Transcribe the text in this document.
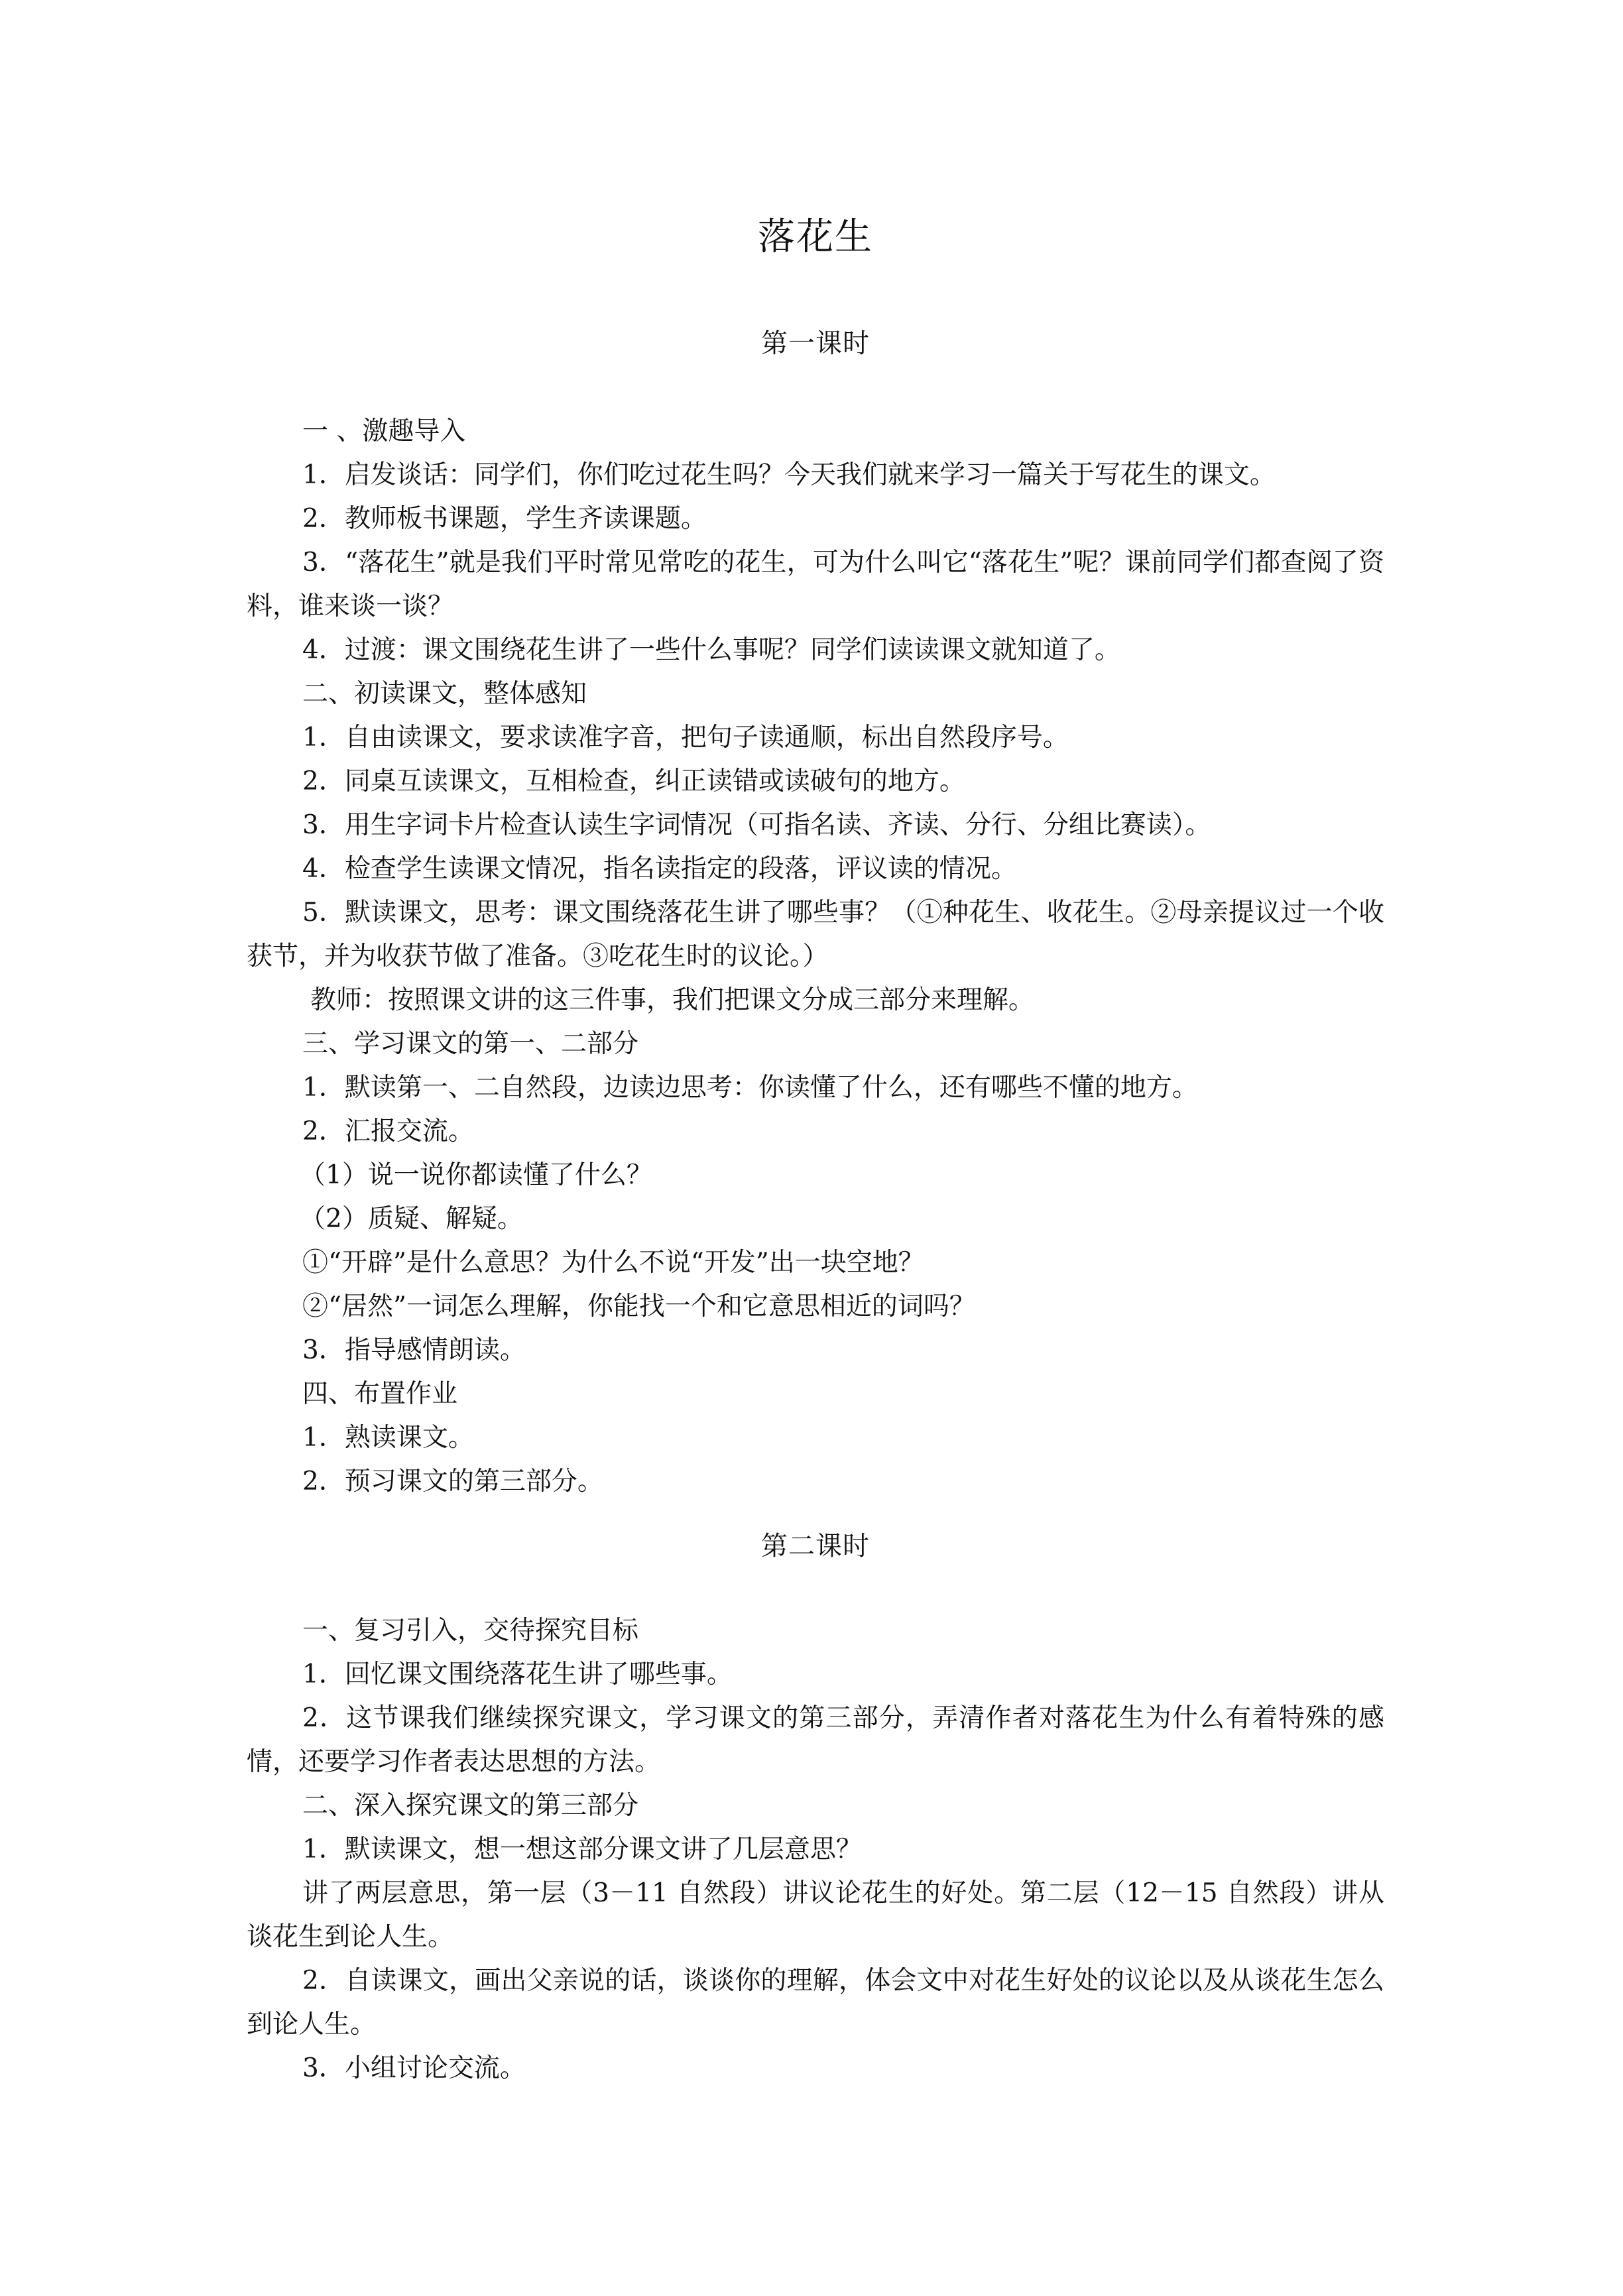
落花生
第一课时

一 、激趣导入

1．启发谈话：同学们，你们吃过花生吗？今天我们就来学习一篇关于写花生的课文。

2．教师板书课题，学生齐读课题。

3．“落花生”就是我们平时常见常吃的花生，可为什么叫它“落花生”呢？课前同学们都查阅了资料，谁来谈一谈？

4．过渡：课文围绕花生讲了一些什么事呢？同学们读读课文就知道了。

二、初读课文，整体感知

1．自由读课文，要求读准字音，把句子读通顺，标出自然段序号。

2．同桌互读课文，互相检查，纠正读错或读破句的地方。

3．用生字词卡片检查认读生字词情况（可指名读、齐读、分行、分组比赛读）。

4．检查学生读课文情况，指名读指定的段落，评议读的情况。

5．默读课文，思考：课文围绕落花生讲了哪些事？（①种花生、收花生。②母亲提议过一个收获节，并为收获节做了准备。③吃花生时的议论。）

教师：按照课文讲的这三件事，我们把课文分成三部分来理解。

三、学习课文的第一、二部分

1．默读第一、二自然段，边读边思考：你读懂了什么，还有哪些不懂的地方。

2．汇报交流。

（1）说一说你都读懂了什么？

（2）质疑、解疑。

①“开辟”是什么意思？为什么不说“开发”出一块空地？

②“居然”一词怎么理解，你能找一个和它意思相近的词吗？

3．指导感情朗读。

四、布置作业

1．熟读课文。

2．预习课文的第三部分。

第二课时

一、复习引入，交待探究目标

1．回忆课文围绕落花生讲了哪些事。

2．这节课我们继续探究课文，学习课文的第三部分，弄清作者对落花生为什么有着特殊的感情，还要学习作者表达思想的方法。

二、深入探究课文的第三部分

1．默读课文，想一想这部分课文讲了几层意思？

讲了两层意思，第一层（3－11 自然段）讲议论花生的好处。第二层（12－15 自然段）讲从谈花生到论人生。

2．自读课文，画出父亲说的话，谈谈你的理解，体会文中对花生好处的议论以及从谈花生怎么到论人生。

3．小组讨论交流。
